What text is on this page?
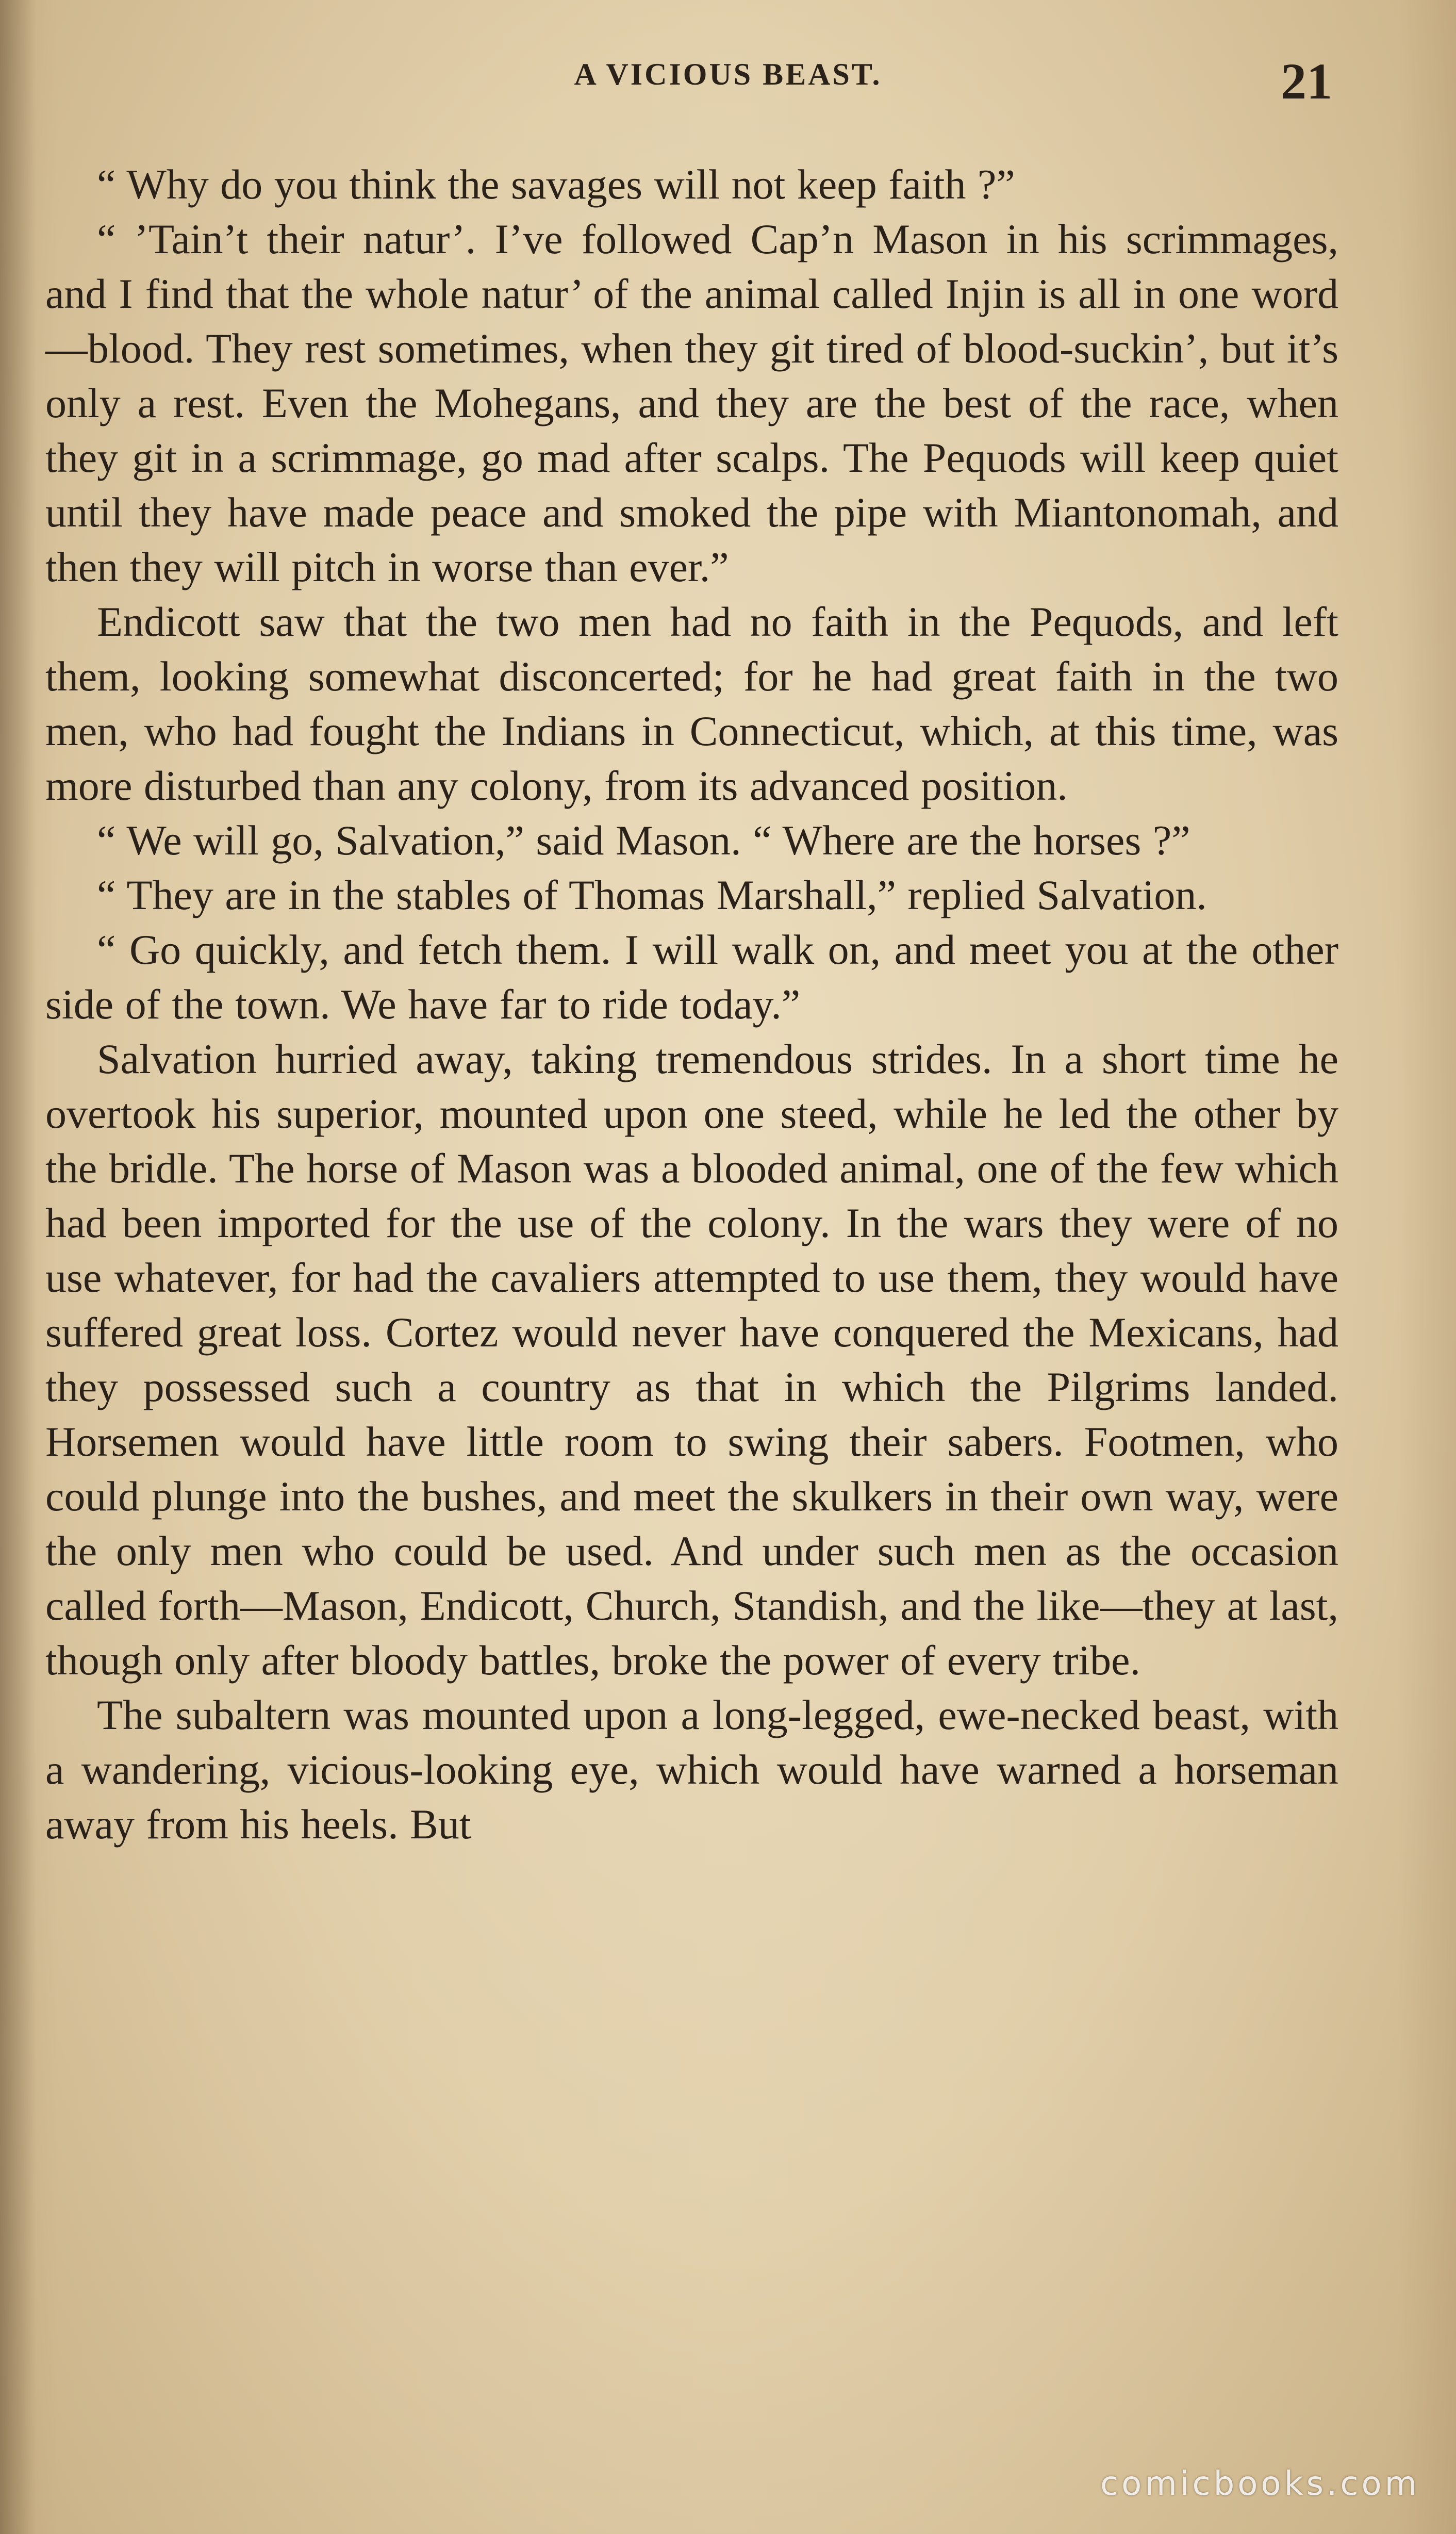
A VICIOUS BEAST.	21

“ Why do you think the savages will not keep faith ?”

“ ’Tain’t their natur’. I’ve followed Cap’n Mason in his scrimmages, and I find that the whole natur’ of the animal called Injin is all in one word—blood. They rest sometimes, when they git tired of blood-suckin’, but it’s only a rest. Even the Mohegans, and they are the best of the race, when they git in a scrimmage, go mad after scalps. The Pequods will keep quiet until they have made peace and smoked the pipe with Miantonomah, and then they will pitch in worse than ever.”

Endicott saw that the two men had no faith in the Pequods, and left them, looking somewhat disconcerted; for he had great faith in the two men, who had fought the Indians in Connecticut, which, at this time, was more disturbed than any colony, from its advanced position.

“ We will go, Salvation,” said Mason. “ Where are the horses ?”

“ They are in the stables of Thomas Marshall,” replied Salvation.

“ Go quickly, and fetch them. I will walk on, and meet you at the other side of the town. We have far to ride today.”

Salvation hurried away, taking tremendous strides. In a short time he overtook his superior, mounted upon one steed, while he led the other by the bridle. The horse of Mason was a blooded animal, one of the few which had been imported for the use of the colony. In the wars they were of no use whatever, for had the cavaliers attempted to use them, they would have suffered great loss. Cortez would never have conquered the Mexicans, had they possessed such a country as that in which the Pilgrims landed. Horsemen would have little room to swing their sabers. Footmen, who could plunge into the bushes, and meet the skulkers in their own way, were the only men who could be used. And under such men as the occasion called forth—Mason, Endicott, Church, Standish, and the like—they at last, though only after bloody battles, broke the power of every tribe.

The subaltern was mounted upon a long-legged, ewe-necked beast, with a wandering, vicious-looking eye, which would have warned a horseman away from his heels. But

comicbooks.com
